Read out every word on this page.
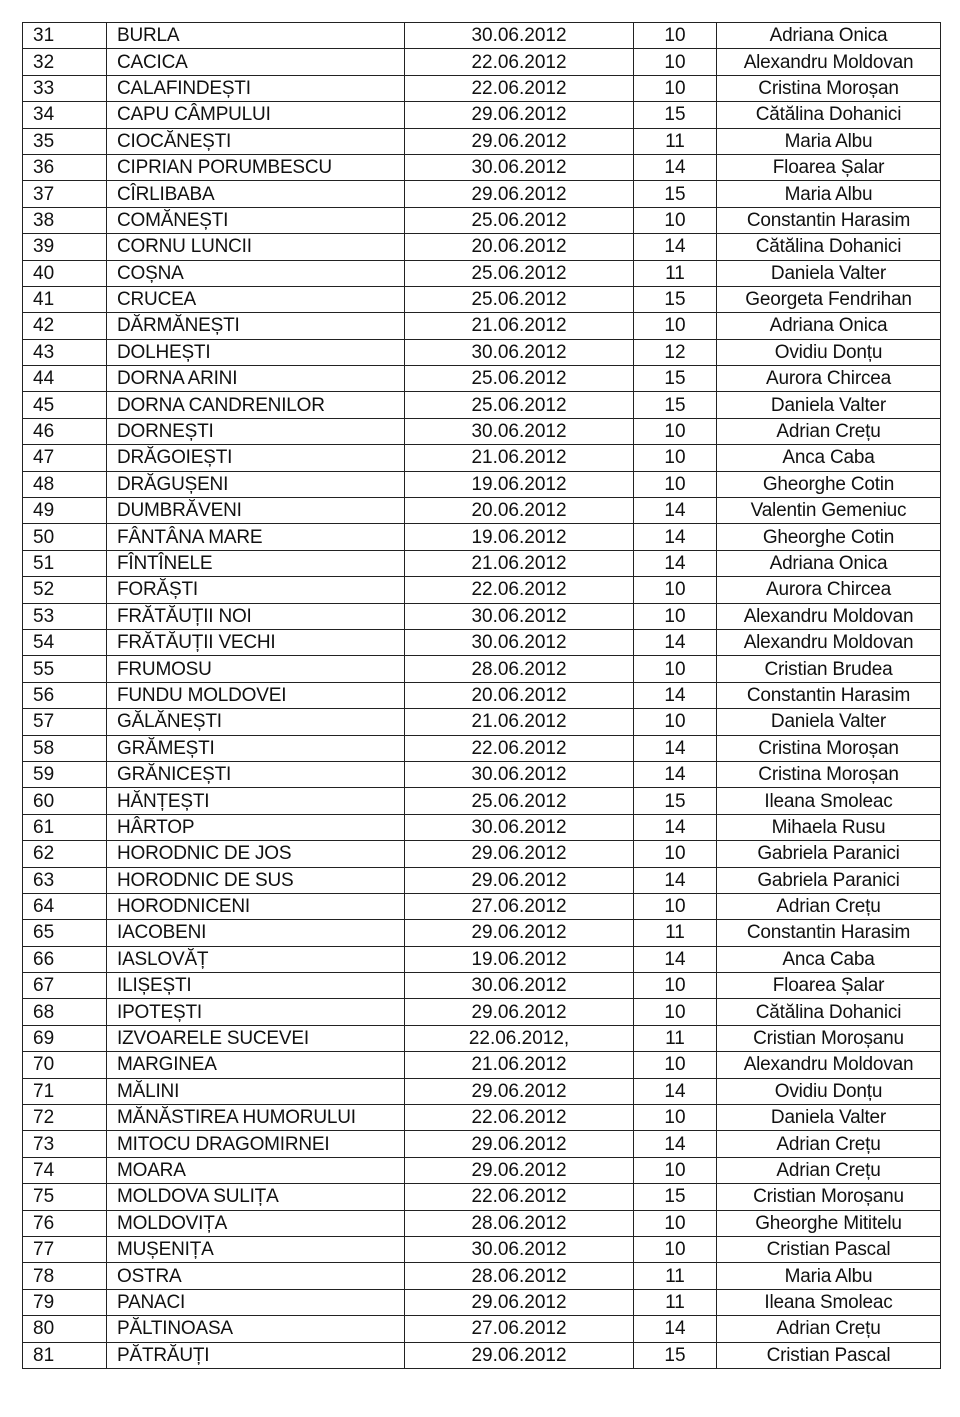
31	BURLA	30.06.2012	10	Adriana Onica
32	CACICA	22.06.2012	10	Alexandru Moldovan
33	CALAFINDEȘTI	22.06.2012	10	Cristina Moroșan
34	CAPU CÂMPULUI	29.06.2012	15	Cătălina Dohanici
35	CIOCĂNEȘTI	29.06.2012	11	Maria Albu
36	CIPRIAN PORUMBESCU	30.06.2012	14	Floarea Șalar
37	CÎRLIBABA	29.06.2012	15	Maria Albu
38	COMĂNEȘTI	25.06.2012	10	Constantin Harasim
39	CORNU LUNCII	20.06.2012	14	Cătălina Dohanici
40	COȘNA	25.06.2012	11	Daniela Valter
41	CRUCEA	25.06.2012	15	Georgeta Fendrihan
42	DĂRMĂNEȘTI	21.06.2012	10	Adriana Onica
43	DOLHEȘTI	30.06.2012	12	Ovidiu Donțu
44	DORNA ARINI	25.06.2012	15	Aurora Chircea
45	DORNA CANDRENILOR	25.06.2012	15	Daniela Valter
46	DORNEȘTI	30.06.2012	10	Adrian Crețu
47	DRĂGOIEȘTI	21.06.2012	10	Anca Caba
48	DRĂGUȘENI	19.06.2012	10	Gheorghe Cotin
49	DUMBRĂVENI	20.06.2012	14	Valentin Gemeniuc
50	FÂNTÂNA MARE	19.06.2012	14	Gheorghe Cotin
51	FÎNTÎNELE	21.06.2012	14	Adriana Onica
52	FORĂȘTI	22.06.2012	10	Aurora Chircea
53	FRĂTĂUȚII NOI	30.06.2012	10	Alexandru Moldovan
54	FRĂTĂUȚII VECHI	30.06.2012	14	Alexandru Moldovan
55	FRUMOSU	28.06.2012	10	Cristian Brudea
56	FUNDU MOLDOVEI	20.06.2012	14	Constantin Harasim
57	GĂLĂNEȘTI	21.06.2012	10	Daniela Valter
58	GRĂMEȘTI	22.06.2012	14	Cristina Moroșan
59	GRĂNICEȘTI	30.06.2012	14	Cristina Moroșan
60	HĂNȚEȘTI	25.06.2012	15	Ileana Smoleac
61	HÂRTOP	30.06.2012	14	Mihaela Rusu
62	HORODNIC DE JOS	29.06.2012	10	Gabriela Paranici
63	HORODNIC DE SUS	29.06.2012	14	Gabriela Paranici
64	HORODNICENI	27.06.2012	10	Adrian Crețu
65	IACOBENI	29.06.2012	11	Constantin Harasim
66	IASLOVĂȚ	19.06.2012	14	Anca Caba
67	ILIȘEȘTI	30.06.2012	10	Floarea Șalar
68	IPOTEȘTI	29.06.2012	10	Cătălina Dohanici
69	IZVOARELE SUCEVEI	22.06.2012,	11	Cristian Moroșanu
70	MARGINEA	21.06.2012	10	Alexandru Moldovan
71	MĂLINI	29.06.2012	14	Ovidiu Donțu
72	MĂNĂSTIREA HUMORULUI	22.06.2012	10	Daniela Valter
73	MITOCU DRAGOMIRNEI	29.06.2012	14	Adrian Crețu
74	MOARA	29.06.2012	10	Adrian Crețu
75	MOLDOVA SULIȚA	22.06.2012	15	Cristian Moroșanu
76	MOLDOVIȚA	28.06.2012	10	Gheorghe Mititelu
77	MUȘENIȚA	30.06.2012	10	Cristian Pascal
78	OSTRA	28.06.2012	11	Maria Albu
79	PANACI	29.06.2012	11	Ileana Smoleac
80	PĂLTINOASA	27.06.2012	14	Adrian Crețu
81	PĂTRĂUȚI	29.06.2012	15	Cristian Pascal
